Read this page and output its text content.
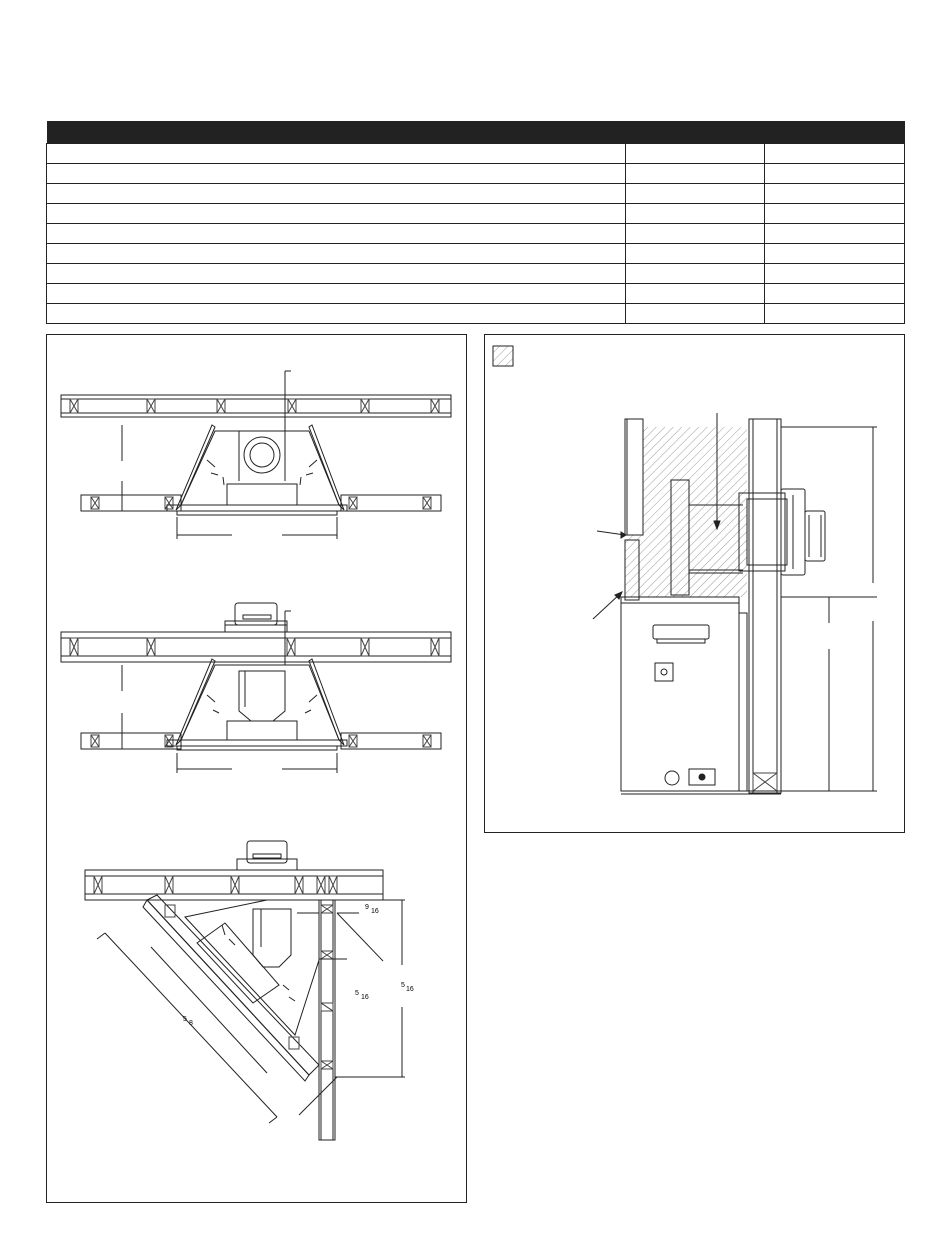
9
16
5
16
5
16
5
8
